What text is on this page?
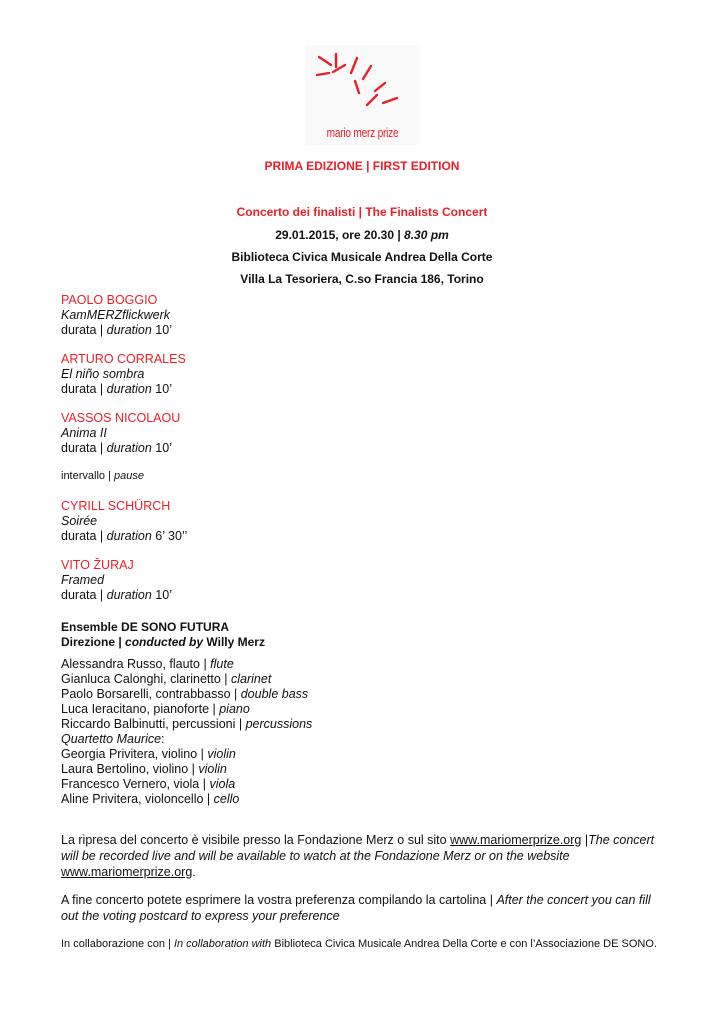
mario merz prize
PRIMA EDIZIONE | FIRST EDITION
Concerto dei finalisti | The Finalists Concert
29.01.2015, ore 20.30 | 8.30 pm
Biblioteca Civica Musicale Andrea Della Corte
Villa La Tesoriera, C.so Francia 186, Torino
PAOLO BOGGIO
KamMERZflickwerk
durata | duration 10’
ARTURO CORRALES
El niño sombra
durata | duration 10’
VASSOS NICOLAOU
Anima II
durata | duration 10’
intervallo | pause
CYRILL SCHÜRCH
Soirée
durata | duration 6’ 30’’
VITO ŽURAJ
Framed
durata | duration 10’
Ensemble DE SONO FUTURA
Direzione | conducted by Willy Merz
Alessandra Russo, flauto | flute
Gianluca Calonghi, clarinetto | clarinet
Paolo Borsarelli, contrabbasso | double bass
Luca Ieracitano, pianoforte | piano
Riccardo Balbinutti, percussioni | percussions
Quartetto Maurice:
Georgia Privitera, violino | violin
Laura Bertolino, violino | violin
Francesco Vernero, viola | viola
Aline Privitera, violoncello | cello
La ripresa del concerto è visibile presso la Fondazione Merz o sul sito www.mariomerprize.org |The concert will be recorded live and will be available to watch at the Fondazione Merz or on the website www.mariomerprize.org.
A fine concerto potete esprimere la vostra preferenza compilando la cartolina | After the concert you can fill out the voting postcard to express your preference
In collaborazione con | In collaboration with Biblioteca Civica Musicale Andrea Della Corte e con l’Associazione DE SONO.
